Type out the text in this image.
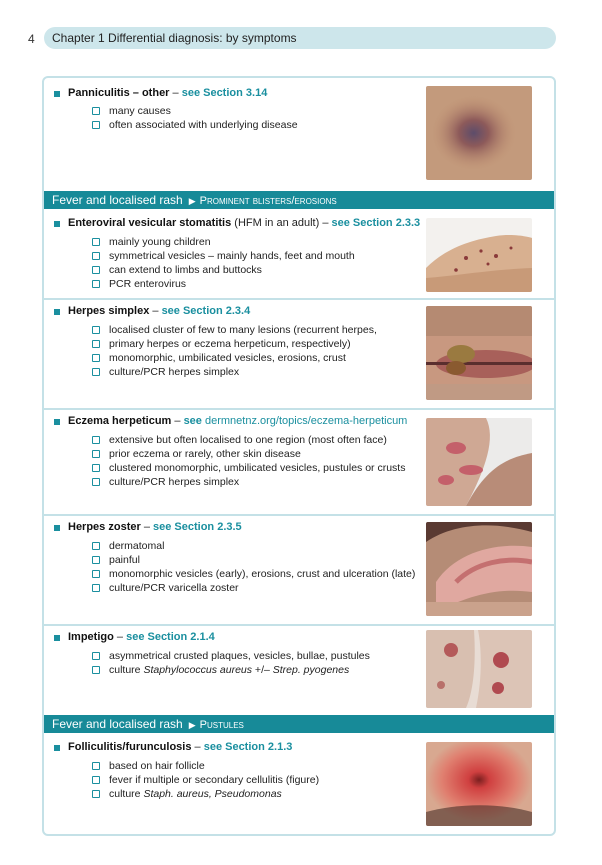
4	Chapter 1 Differential diagnosis: by symptoms
Panniculitis – other – see Section 3.14
many causes
often associated with underlying disease
Fever and localised rash ▶ Prominent blisters/erosions
Enteroviral vesicular stomatitis (HFM in an adult) – see Section 2.3.3
mainly young children
symmetrical vesicles – mainly hands, feet and mouth
can extend to limbs and buttocks
PCR enterovirus
Herpes simplex – see Section 2.3.4
localised cluster of few to many lesions (recurrent herpes,
primary herpes or eczema herpeticum, respectively)
monomorphic, umbilicated vesicles, erosions, crust
culture/PCR herpes simplex
Eczema herpeticum – see dermnetnz.org/topics/eczema-herpeticum
extensive but often localised to one region (most often face)
prior eczema or rarely, other skin disease
clustered monomorphic, umbilicated vesicles, pustules or crusts
culture/PCR herpes simplex
Herpes zoster – see Section 2.3.5
dermatomal
painful
monomorphic vesicles (early), erosions, crust and ulceration (late)
culture/PCR varicella zoster
Impetigo – see Section 2.1.4
asymmetrical crusted plaques, vesicles, bullae, pustules
culture Staphylococcus aureus +/– Strep. pyogenes
Fever and localised rash ▶ Pustules
Folliculitis/furunculosis – see Section 2.1.3
based on hair follicle
fever if multiple or secondary cellulitis (figure)
culture Staph. aureus, Pseudomonas
